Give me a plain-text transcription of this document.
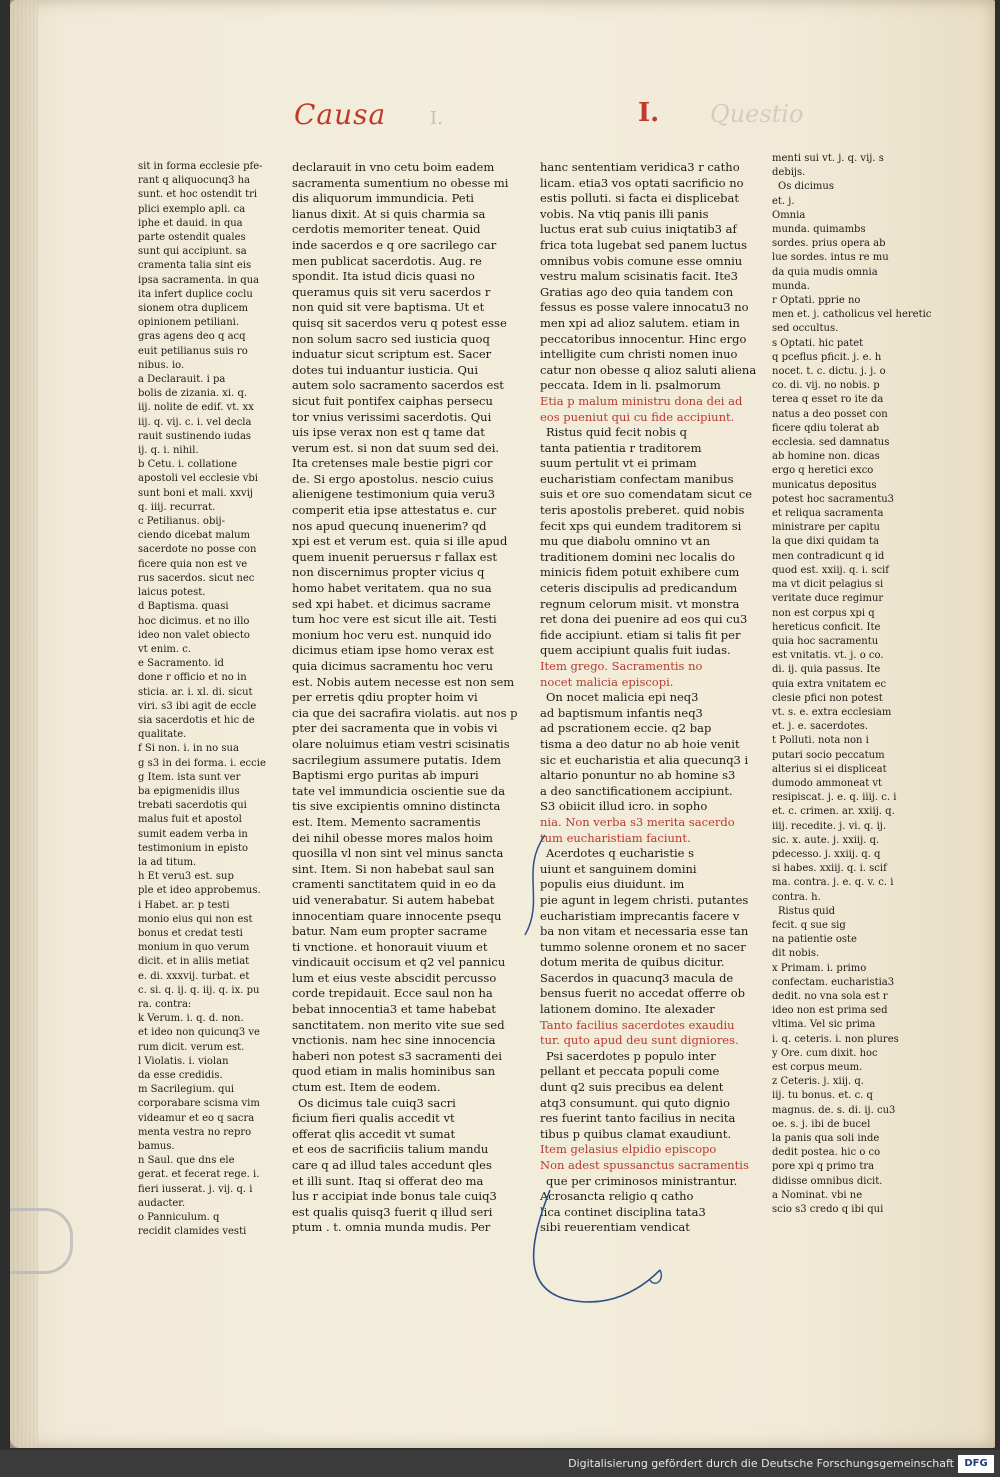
Causa I.	I. Questio
sit in forma ecclesie pfe-
rant q aliquocunq3 ha
sunt. et hoc ostendit tri
plici exemplo apli. ca
iphe et dauid. in qua
parte ostendit quales
sunt qui accipiunt. sa
cramenta talia sint eis
ipsa sacramenta. in qua
ita infert duplice coclu
sionem otra duplicem
opinionem petiliani.
gras agens deo q acq
euit petilianus suis ro
nibus. io.
a Declarauit. i pa
bolis de zizania. xi. q.
iij. nolite de edif. vt. xx
iij. q. vij. c. i. vel decla
rauit sustinendo iudas
ij. q. i. nihil.
b Cetu. i. collatione
apostoli vel ecclesie vbi
sunt boni et mali. xxvij
q. iiij. recurrat.
c Petilianus. obij-
ciendo dicebat malum
sacerdote no posse con
ficere quia non est ve
rus sacerdos. sicut nec
laicus potest.
d Baptisma. quasi
hoc dicimus. et no illo
ideo non valet obiecto
vt enim. c.
e Sacramento. id
done r officio et no in
sticia. ar. i. xl. di. sicut
viri. s3 ibi agit de eccle
sia sacerdotis et hic de
qualitate.
f Si non. i. in no sua
g s3 in dei forma. i. eccie
g Item. ista sunt ver
ba epigmenidis illus
trebati sacerdotis qui
malus fuit et apostol
sumit eadem verba in
testimonium in episto
la ad titum.
h Et veru3 est. sup
ple et ideo approbemus.
i Habet. ar. p testi
monio eius qui non est
bonus et credat testi
monium in quo verum
dicit. et in aliis metiat
e. di. xxxvij. turbat. et
c. si. q. ij. q. iij. q. ix. pu
ra. contra:
k Verum. i. q. d. non.
et ideo non quicunq3 ve
rum dicit. verum est.
l Violatis. i. violan
da esse credidis.
m Sacrilegium. qui
corporabare scisma vim
videamur et eo q sacra
menta vestra no repro
bamus.
n Saul. que dns ele
gerat. et fecerat rege. i.
fieri iusserat. j. vij. q. i
audacter.
o Panniculum. q
recidit clamides vesti
declarauit in vno cetu boim eadem
sacramenta sumentium no obesse mi
dis aliquorum immundicia. Peti
lianus dixit. At si quis charmia sa
cerdotis memoriter teneat. Quid
inde sacerdos e q ore sacrilego car
men publicat sacerdotis. Aug. re
spondit. Ita istud dicis quasi no
queramus quis sit veru sacerdos r
non quid sit vere baptisma. Ut et
quisq sit sacerdos veru q potest esse
non solum sacro sed iusticia quoq
induatur sicut scriptum est. Sacer
dotes tui induantur iusticia. Qui
autem solo sacramento sacerdos est
sicut fuit pontifex caiphas persecu
tor vnius verissimi sacerdotis. Qui
uis ipse verax non est q tame dat
verum est. si non dat suum sed dei.
Ita cretenses male bestie pigri cor
de. Si ergo apostolus. nescio cuius
alienigene testimonium quia veru3
comperit etia ipse attestatus e. cur
nos apud quecunq inuenerim? qd
xpi est et verum est. quia si ille apud
quem inuenit peruersus r fallax est
non discernimus propter vicius q
homo habet veritatem. qua no sua
sed xpi habet. et dicimus sacrame
tum hoc vere est sicut ille ait. Testi
monium hoc veru est. nunquid ido
dicimus etiam ipse homo verax est
quia dicimus sacramentu hoc veru
est. Nobis autem necesse est non sem
per erretis qdiu propter hoim vi
cia que dei sacrafira violatis. aut nos p
pter dei sacramenta que in vobis vi
olare noluimus etiam vestri scisinatis
sacrilegium assumere putatis. Idem
Baptismi ergo puritas ab impuri
tate vel immundicia oscientie sue da
tis sive excipientis omnino distincta
est. Item. Memento sacramentis
dei nihil obesse mores malos hoim
quosilla vl non sint vel minus sancta
sint. Item. Si non habebat saul san
cramenti sanctitatem quid in eo da
uid venerabatur. Si autem habebat
innocentiam quare innocente psequ
batur. Nam eum propter sacrame
ti vnctione. et honorauit viuum et
vindicauit occisum et q2 vel pannicu
lum et eius veste abscidit percusso
corde trepidauit. Ecce saul non ha
bebat innocentia3 et tame habebat
sanctitatem. non merito vite sue sed
vnctionis. nam hec sine innocencia
haberi non potest s3 sacramenti dei
quod etiam in malis hominibus san
ctum est. Item de eodem.
Os dicimus tale cuiq3 sacri
ficium fieri qualis accedit vt
offerat qlis accedit vt sumat
et eos de sacrificiis talium mandu
care q ad illud tales accedunt qles
et illi sunt. Itaq si offerat deo ma
lus r accipiat inde bonus tale cuiq3
est qualis quisq3 fuerit q illud seri
ptum . t. omnia munda mudis. Per
hanc sententiam veridica3 r catho
licam. etia3 vos optati sacrificio no
estis polluti. si facta ei displicebat
vobis. Na vtiq panis illi panis
luctus erat sub cuius iniqtatib3 af
frica tota lugebat sed panem luctus
omnibus vobis comune esse omniu
vestru malum scisinatis facit. Ite3
Gratias ago deo quia tandem con
fessus es posse valere innocatu3 no
men xpi ad alioz salutem. etiam in
peccatoribus innocentur. Hinc ergo
intelligite cum christi nomen inuo
catur non obesse q alioz saluti aliena
peccata. Idem in li. psalmorum
Etia p malum ministru dona dei ad
eos pueniut qui cu fide accipiunt.
Ristus quid fecit nobis q
tanta patientia r traditorem
suum pertulit vt ei primam
eucharistiam confectam manibus
suis et ore suo comendatam sicut ce
teris apostolis preberet. quid nobis
fecit xps qui eundem traditorem si
mu que diabolu omnino vt an
traditionem domini nec localis do
minicis fidem potuit exhibere cum
ceteris discipulis ad predicandum
regnum celorum misit. vt monstra
ret dona dei puenire ad eos qui cu3
fide accipiunt. etiam si talis fit per
quem accipiunt qualis fuit iudas.
Item grego. Sacramentis no
nocet malicia episcopi.
On nocet malicia epi neq3
ad baptismum infantis neq3
ad pscrationem eccie. q2 bap
tisma a deo datur no ab hoie venit
sic et eucharistia et alia quecunq3 i
altario ponuntur no ab homine s3
a deo sanctificationem accipiunt.
S3 obiicit illud icro. in sopho
nia. Non verba s3 merita sacerdo
tum eucharistiam faciunt.
Acerdotes q eucharistie s
uiunt et sanguinem domini
populis eius diuidunt. im
pie agunt in legem christi. putantes
eucharistiam imprecantis facere v
ba non vitam et necessaria esse tan
tummo solenne oronem et no sacer
dotum merita de quibus dicitur.
Sacerdos in quacunq3 macula de
bensus fuerit no accedat offerre ob
lationem domino. Ite alexader
Tanto facilius sacerdotes exaudiu
tur. quto apud deu sunt digniores.
Psi sacerdotes p populo inter
pellant et peccata populi come
dunt q2 suis precibus ea delent
atq3 consumunt. qui quto dignio
res fuerint tanto facilius in necita
tibus p quibus clamat exaudiunt.
Item gelasius elpidio episcopo
Non adest spussanctus sacramentis
que per criminosos ministrantur.
Acrosancta religio q catho
lica continet disciplina tata3
sibi reuerentiam vendicat
menti sui vt. j. q. vij. s
debijs.
Os dicimus
et. j.
Omnia
munda. quimambs
sordes. prius opera ab
lue sordes. intus re mu
da quia mudis omnia
munda.
r Optati. pprie no
men et. j. catholicus vel heretic
sed occultus.
s Optati. hic patet
q pceflus pficit. j. e. h
nocet. t. c. dictu. j. j. o
co. di. vij. no nobis. p
terea q esset ro ite da
natus a deo posset con
ficere qdiu tolerat ab
ecclesia. sed damnatus
ab homine non. dicas
ergo q heretici exco
municatus depositus
potest hoc sacramentu3
et reliqua sacramenta
ministrare per capitu
la que dixi quidam ta
men contradicunt q id
quod est. xxiij. q. i. scif
ma vt dicit pelagius si
veritate duce regimur
non est corpus xpi q
hereticus conficit. Ite
quia hoc sacramentu
est vnitatis. vt. j. o co.
di. ij. quia passus. Ite
quia extra vnitatem ec
clesie pfici non potest
vt. s. e. extra ecclesiam
et. j. e. sacerdotes.
t Polluti. nota non i
putari socio peccatum
alterius si ei displiceat
dumodo ammoneat vt
resipiscat. j. e. q. iiij. c. i
et. c. crimen. ar. xxiij. q.
iiij. recedite. j. vi. q. ij.
sic. x. aute. j. xxiij. q.
pdecesso. j. xxiij. q. q
si habes. xxiij. q. i. scif
ma. contra. j. e. q. v. c. i
contra. h.
Ristus quid
fecit. q sue sig
na patientie oste
dit nobis.
x Primam. i. primo
confectam. eucharistia3
dedit. no vna sola est r
ideo non est prima sed
vltima. Vel sic prima
i. q. ceteris. i. non plures
y Ore. cum dixit. hoc
est corpus meum.
z Ceteris. j. xiij. q.
iij. tu bonus. et. c. q
magnus. de. s. di. ij. cu3
oe. s. j. ibi de bucel
la panis qua soli inde
dedit postea. hic o co
pore xpi q primo tra
didisse omnibus dicit.
a Nominat. vbi ne
scio s3 credo q ibi qui
Digitalisierung gefördert durch die Deutsche Forschungsgemeinschaft	DFG
